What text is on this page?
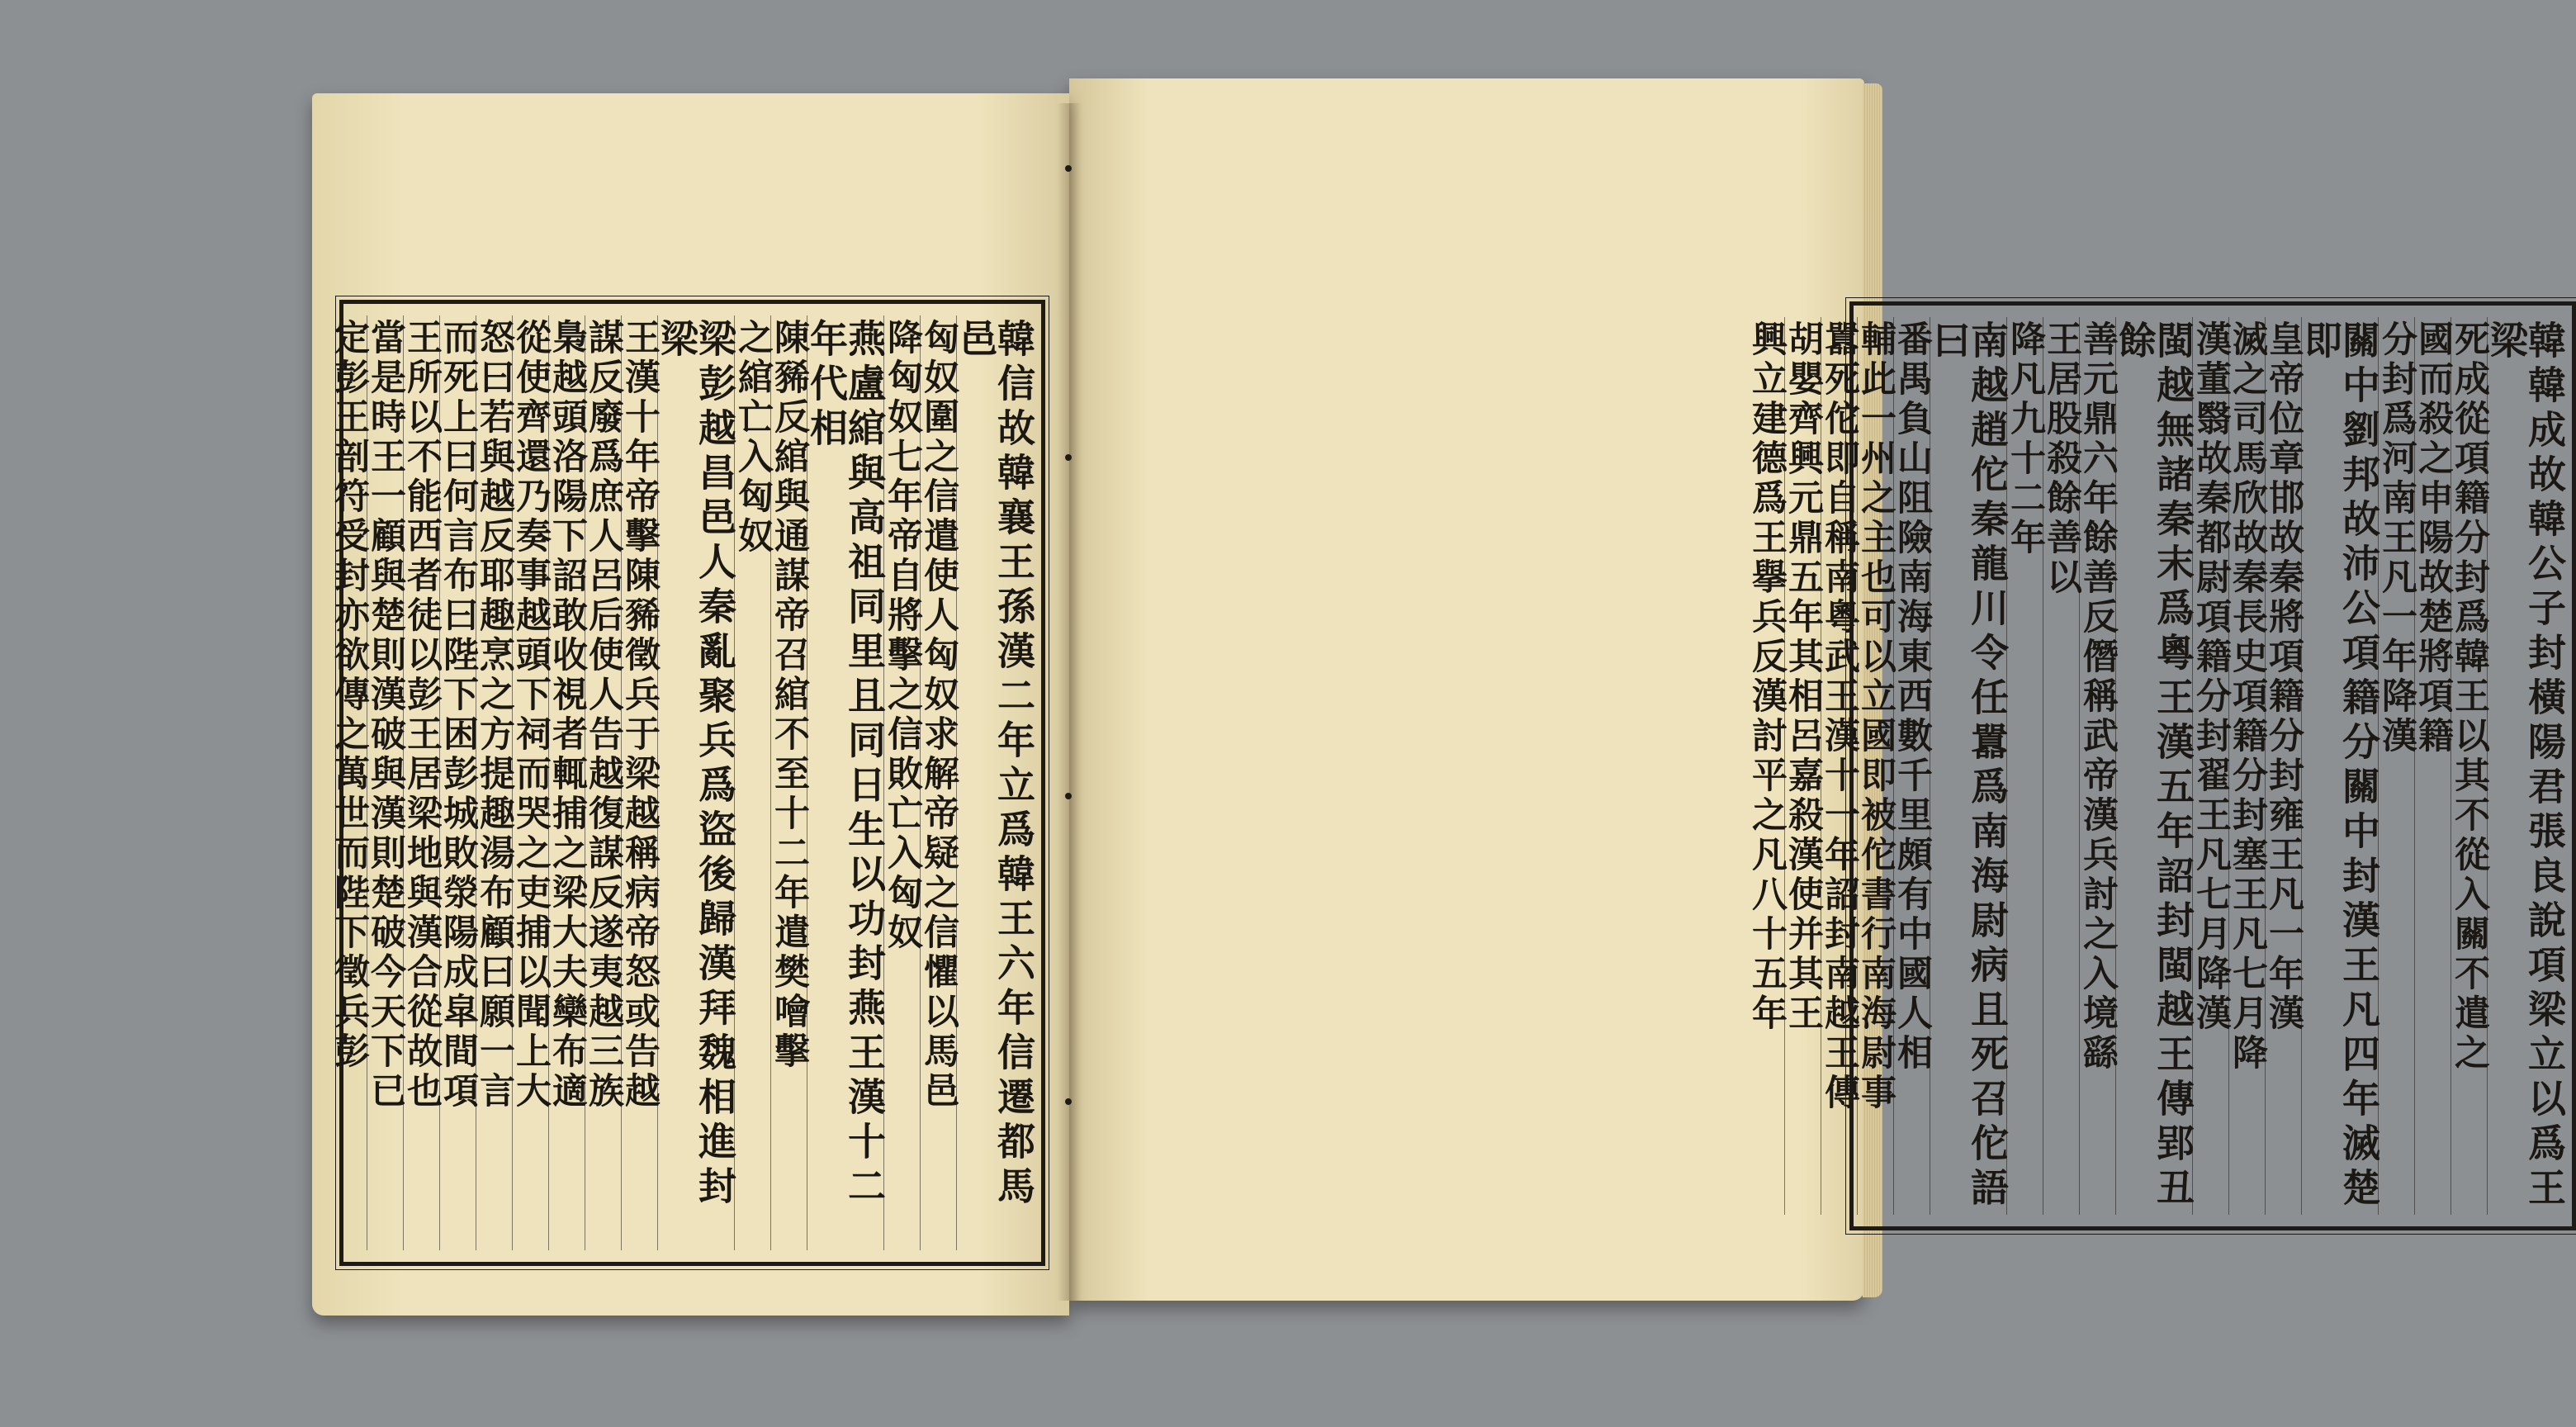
韓韓成故韓公子封橫陽君張良說項梁立以爲王梁
死成從項籍分封爲韓王以其不從入關不遣之
國而殺之申陽故楚將項籍
分封爲河南王凡一年降漢
關中劉邦故沛公項籍分關中封漢王凡四年滅楚即
皇帝位章邯故秦將項籍分封雍王凡一年漢
滅之司馬欣故秦長史項籍分封塞王凡七月降
漢董翳故秦都尉項籍分封翟王凡七月降漢
閩越無諸秦末爲粵王漢五年詔封閩越王傳郢丑餘
善元鼎六年餘善反僭稱武帝漢兵討之入境繇
王居股殺餘善以
降凡九十二年
南越趙佗秦龍川令任囂爲南海尉病且死召佗語曰
番禺負山阻險南海東西數千里頗有中國人相
輔此一州之主也可以立國即被佗書行南海尉事
囂死佗即自稱南粵武王漢十一年詔封南越王傳
胡嬰齊興元鼎五年其相呂嘉殺漢使并其王
興立建德爲王擧兵反漢討平之凡八十五年
韓信故韓襄王孫漢二年立爲韓王六年信遷都馬邑
匈奴圍之信遣使人匈奴求解帝疑之信懼以馬邑
降匈奴七年帝自將擊之信敗亡入匈奴
燕盧綰與高祖同里且同日生以功封燕王漢十二年代相
陳豨反綰與通謀帝召綰不至十二年遣樊噲擊
之綰亡入匈奴
梁彭越昌邑人秦亂聚兵爲盜後歸漢拜魏相進封梁
王漢十年帝擊陳豨徵兵于梁越稱病帝怒或告越
謀反廢爲庶人呂后使人告越復謀反遂夷越三族
梟越頭洛陽下詔敢收視者輒捕之梁大夫欒布適
從使齊還乃奏事越頭下祠而哭之吏捕以聞上大
怒曰若與越反耶趣烹之方提趣湯布顧曰願一言
而死上曰何言布曰陛下困彭城敗滎陽成皐間項
王所以不能西者徒以彭王居梁地與漢合從故也
當是時王一顧與楚則漢破與漢則楚破今天下已
定彭王剖符受封亦欲傳之萬世而陛下徵兵彭
